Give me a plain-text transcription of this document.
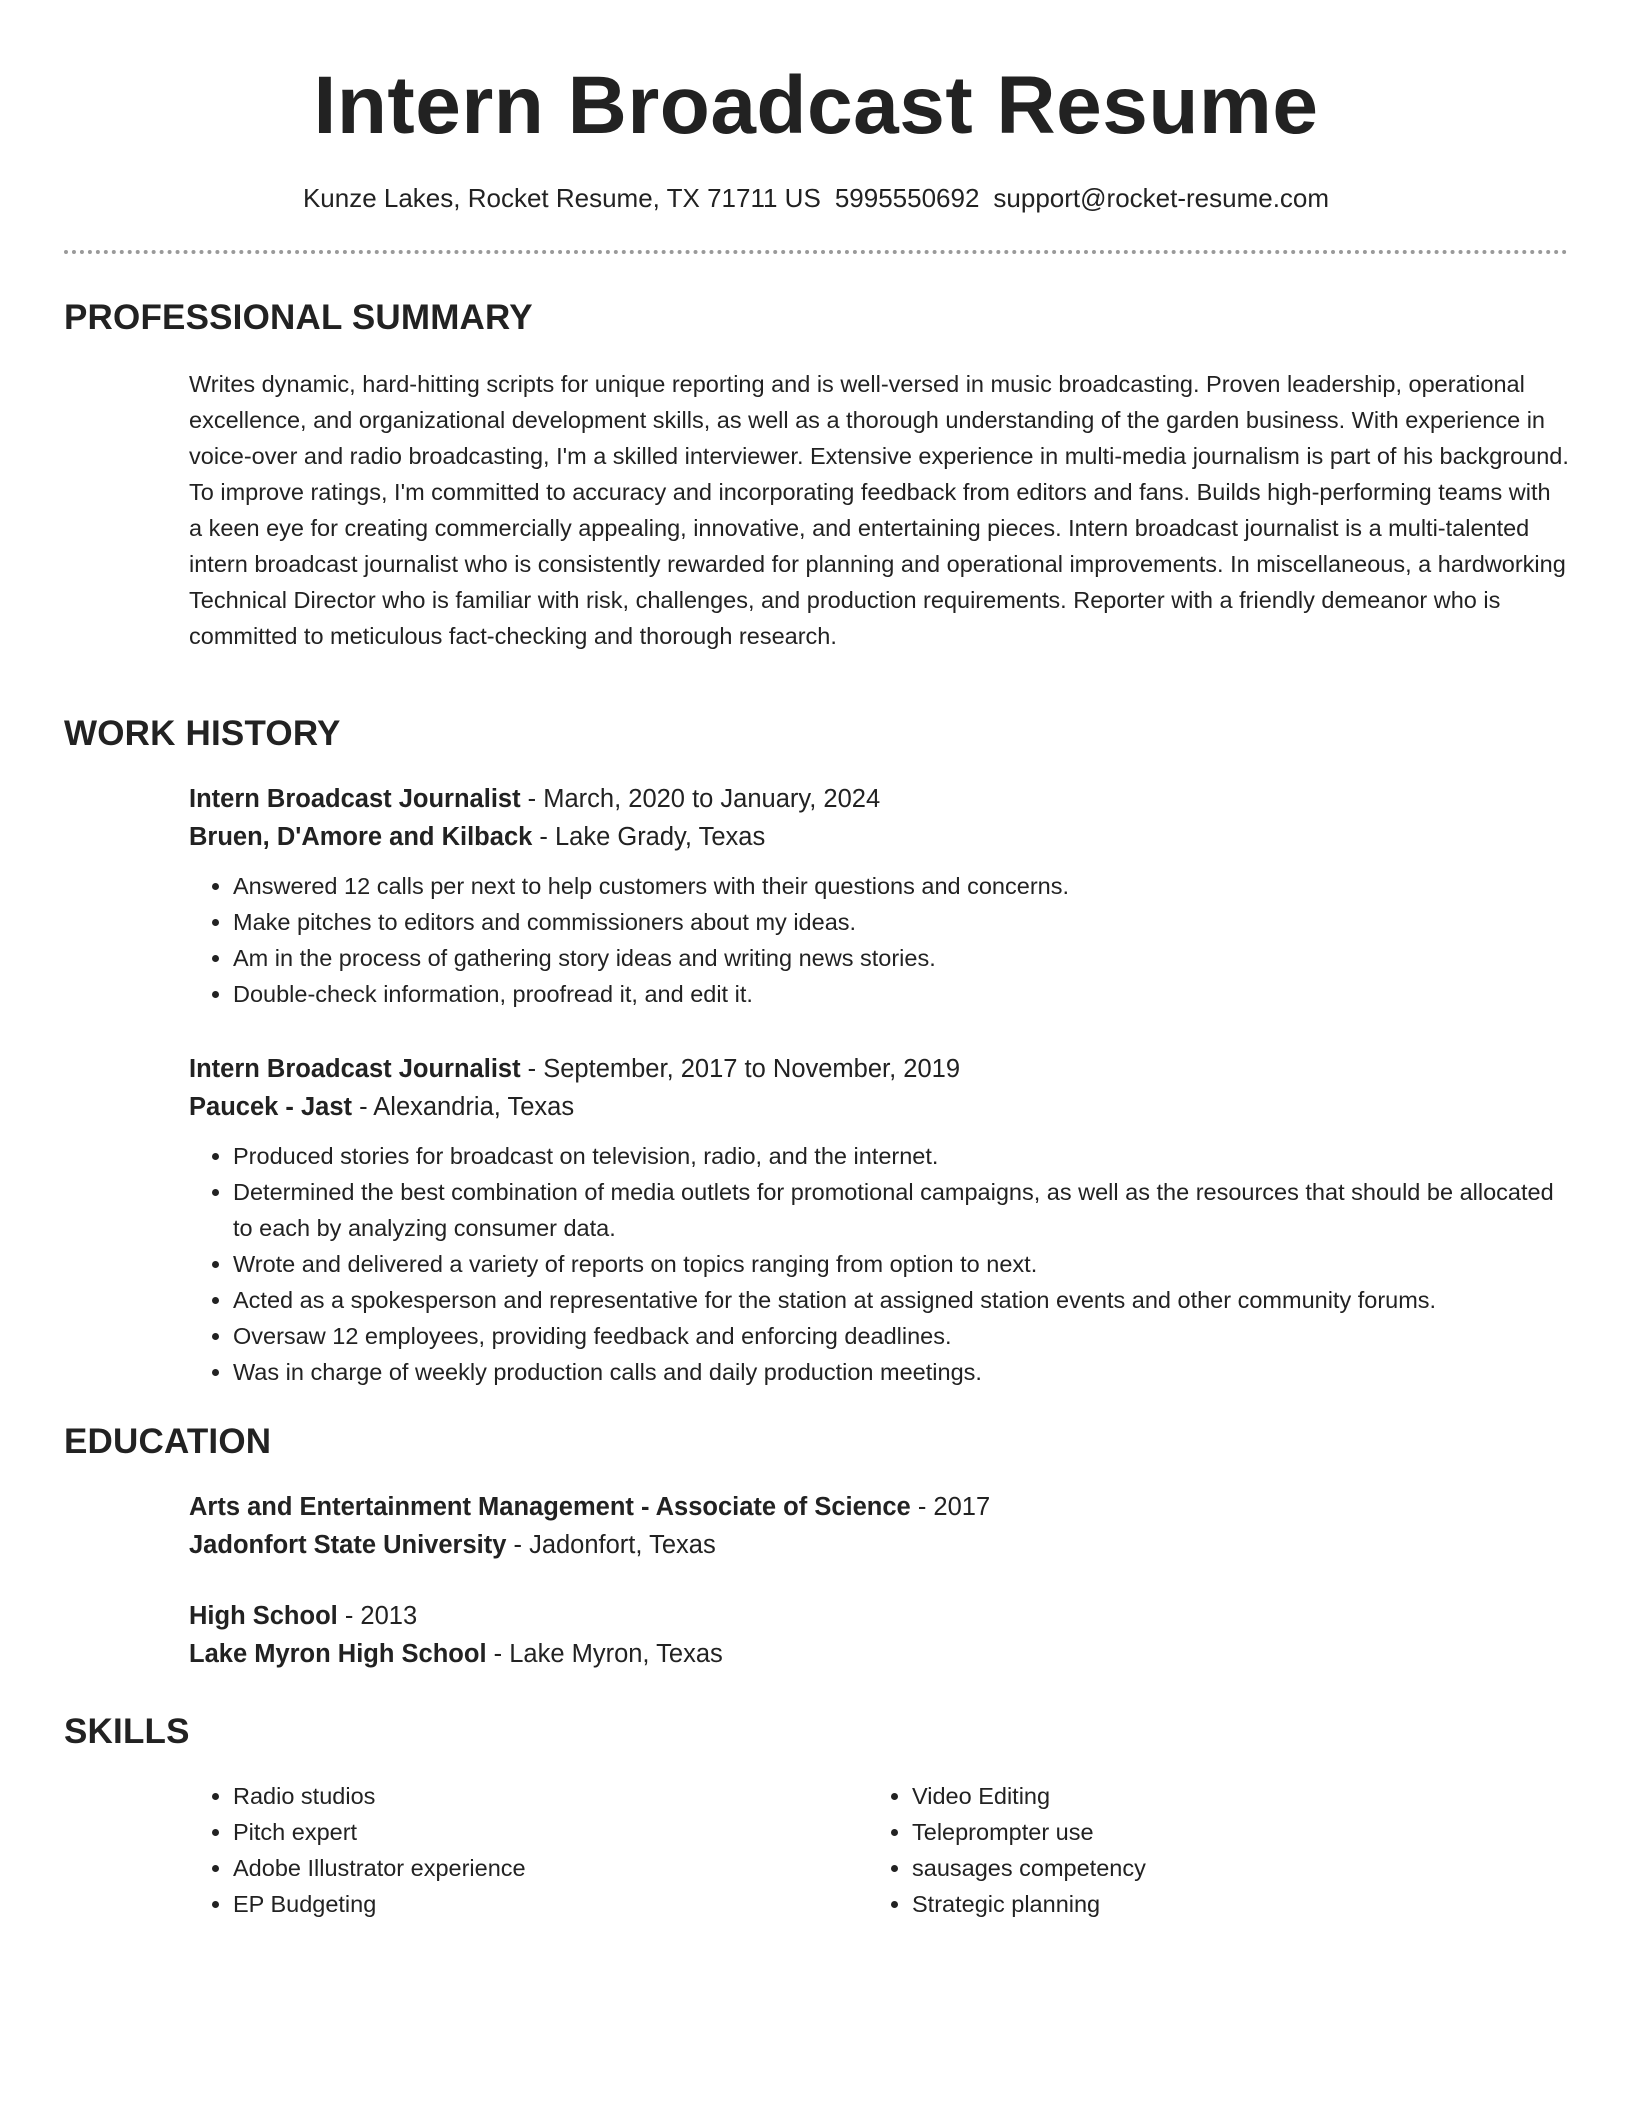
Intern Broadcast Resume
Kunze Lakes, Rocket Resume, TX 71711 US 5995550692 support@rocket-resume.com
PROFESSIONAL SUMMARY

Writes dynamic, hard-hitting scripts for unique reporting and is well-versed in music broadcasting. Proven leadership, operational excellence, and organizational development skills, as well as a thorough understanding of the garden business. With experience in voice-over and radio broadcasting, I'm a skilled interviewer. Extensive experience in multi-media journalism is part of his background. To improve ratings, I'm committed to accuracy and incorporating feedback from editors and fans. Builds high-performing teams with a keen eye for creating commercially appealing, innovative, and entertaining pieces. Intern broadcast journalist is a multi-talented intern broadcast journalist who is consistently rewarded for planning and operational improvements. In miscellaneous, a hardworking Technical Director who is familiar with risk, challenges, and production requirements. Reporter with a friendly demeanor who is committed to meticulous fact-checking and thorough research.

WORK HISTORY

Intern Broadcast Journalist - March, 2020 to January, 2024

Bruen, D'Amore and Kilback - Lake Grady, Texas

• Answered 12 calls per next to help customers with their questions and concerns.
• Make pitches to editors and commissioners about my ideas.
• Am in the process of gathering story ideas and writing news stories.
• Double-check information, proofread it, and edit it.

Intern Broadcast Journalist - September, 2017 to November, 2019

Paucek - Jast - Alexandria, Texas

• Produced stories for broadcast on television, radio, and the internet.
• Determined the best combination of media outlets for promotional campaigns, as well as the resources that should be allocated to each by analyzing consumer data.
• Wrote and delivered a variety of reports on topics ranging from option to next.
• Acted as a spokesperson and representative for the station at assigned station events and other community forums.
• Oversaw 12 employees, providing feedback and enforcing deadlines.
• Was in charge of weekly production calls and daily production meetings.
EDUCATION

Arts and Entertainment Management - Associate of Science - 2017

Jadonfort State University - Jadonfort, Texas

High School - 2013

Lake Myron High School - Lake Myron, Texas

SKILLS
• Radio studios
• Pitch expert
• Adobe Illustrator experience
• EP Budgeting
• Video Editing
• Teleprompter use
• sausages competency
• Strategic planning
